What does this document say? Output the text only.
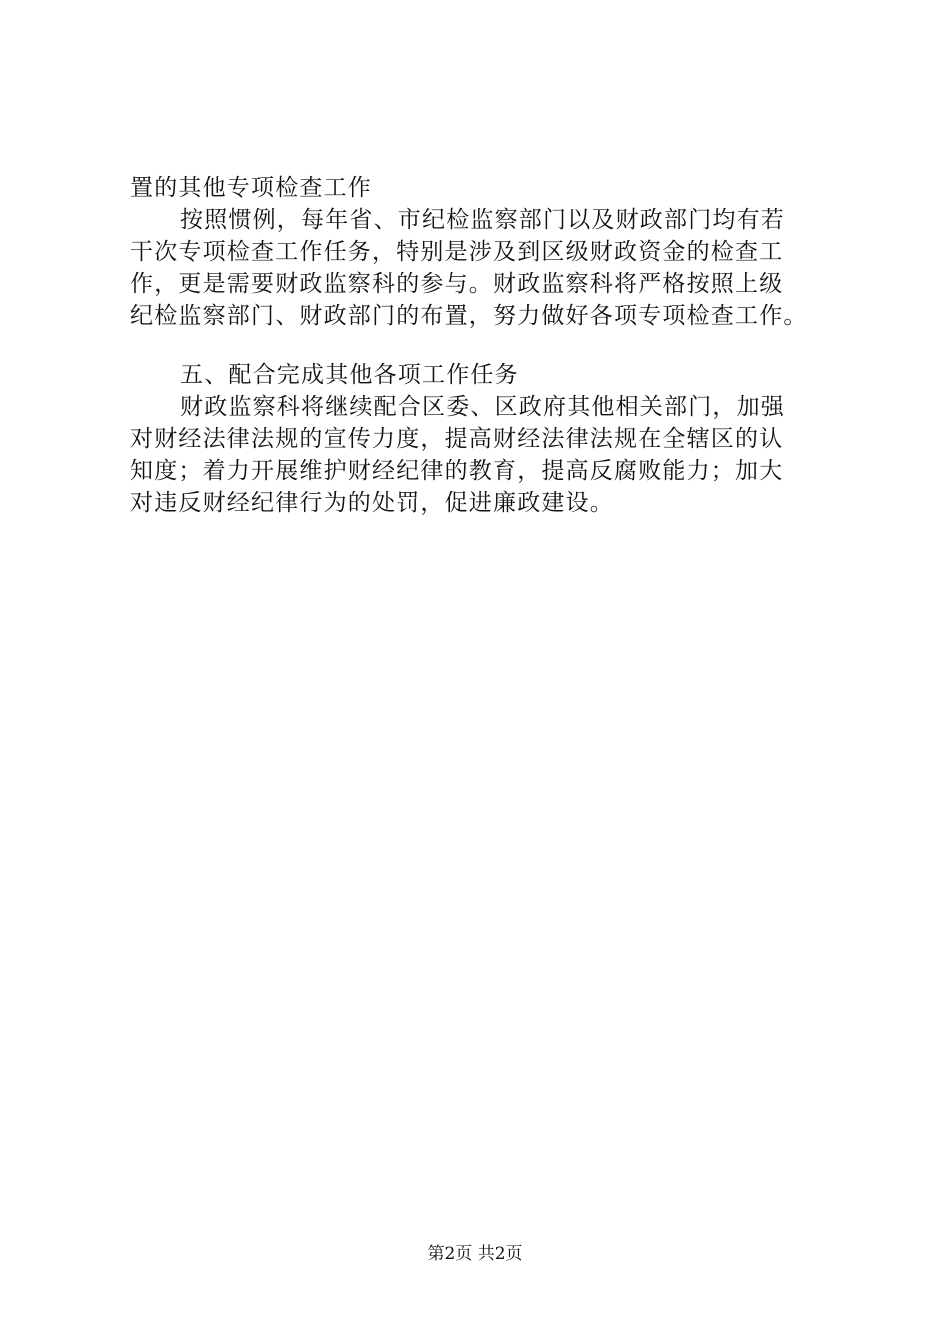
置的其他专项检查工作
按照惯例，每年省、市纪检监察部门以及财政部门均有若
干次专项检查工作任务，特别是涉及到区级财政资金的检查工
作，更是需要财政监察科的参与。财政监察科将严格按照上级
纪检监察部门、财政部门的布置，努力做好各项专项检查工作。
五、配合完成其他各项工作任务
财政监察科将继续配合区委、区政府其他相关部门，加强
对财经法律法规的宣传力度，提高财经法律法规在全辖区的认
知度；着力开展维护财经纪律的教育，提高反腐败能力；加大
对违反财经纪律行为的处罚，促进廉政建设。
第2页 共2页
